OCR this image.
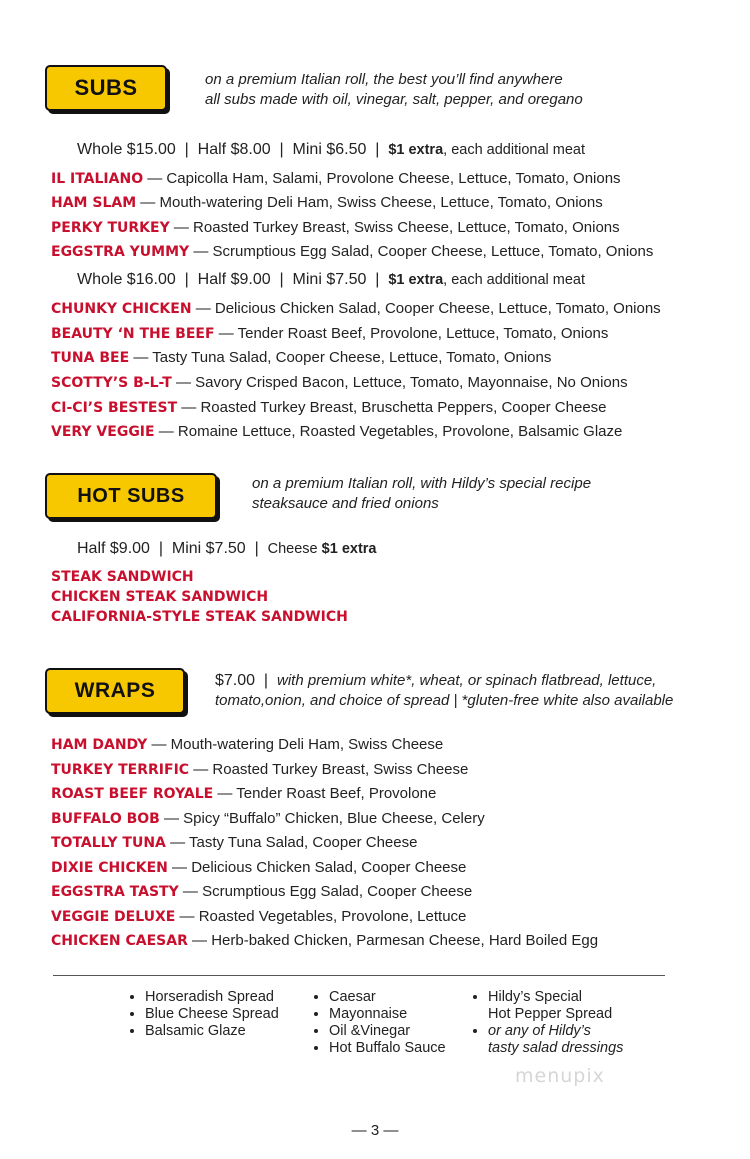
SUBS	on a premium Italian roll, the best you’ll find anywhere
all subs made with oil, vinegar, salt, pepper, and oregano
Whole $15.00  |  Half $8.00  |  Mini $6.50  |  $1 extra, each additional meat
IL ITALIANO — Capicolla Ham, Salami, Provolone Cheese, Lettuce, Tomato, Onions
HAM SLAM — Mouth-watering Deli Ham, Swiss Cheese, Lettuce, Tomato, Onions
PERKY TURKEY — Roasted Turkey Breast, Swiss Cheese, Lettuce, Tomato, Onions
EGGSTRA YUMMY — Scrumptious Egg Salad, Cooper Cheese, Lettuce, Tomato, Onions
Whole $16.00  |  Half $9.00  |  Mini $7.50  |  $1 extra, each additional meat
CHUNKY CHICKEN — Delicious Chicken Salad, Cooper Cheese, Lettuce, Tomato, Onions
BEAUTY ‘N THE BEEF — Tender Roast Beef, Provolone, Lettuce, Tomato, Onions
TUNA BEE — Tasty Tuna Salad, Cooper Cheese, Lettuce, Tomato, Onions
SCOTTY’S B-L-T — Savory Crisped Bacon, Lettuce, Tomato, Mayonnaise, No Onions
CI-CI’S BESTEST — Roasted Turkey Breast, Bruschetta Peppers, Cooper Cheese
VERY VEGGIE — Romaine Lettuce, Roasted Vegetables, Provolone, Balsamic Glaze
HOT SUBS
on a premium Italian roll, with Hildy’s special recipe
steaksauce and fried onions
Half $9.00  |  Mini $7.50  |  Cheese $1 extra
STEAK SANDWICH
CHICKEN STEAK SANDWICH
CALIFORNIA-STYLE STEAK SANDWICH
WRAPS	$7.00  |  with premium white*, wheat, or spinach flatbread, lettuce,
tomato,onion, and choice of spread | *gluten-free white also available
HAM DANDY — Mouth-watering Deli Ham, Swiss Cheese
TURKEY TERRIFIC — Roasted Turkey Breast, Swiss Cheese
ROAST BEEF ROYALE — Tender Roast Beef, Provolone
BUFFALO BOB — Spicy “Buffalo” Chicken, Blue Cheese, Celery
TOTALLY TUNA — Tasty Tuna Salad, Cooper Cheese
DIXIE CHICKEN — Delicious Chicken Salad, Cooper Cheese
EGGSTRA TASTY — Scrumptious Egg Salad, Cooper Cheese
VEGGIE DELUXE — Roasted Vegetables, Provolone, Lettuce
CHICKEN CAESAR — Herb-baked Chicken, Parmesan Cheese, Hard Boiled Egg
• Horseradish Spread
• Blue Cheese Spread
• Balsamic Glaze
• Caesar
• Mayonnaise
• Oil &Vinegar
• Hot Buffalo Sauce
• Hildy’s Special
Hot Pepper Spread
• or any of Hildy’s
tasty salad dressings
menupix
— 3 —
